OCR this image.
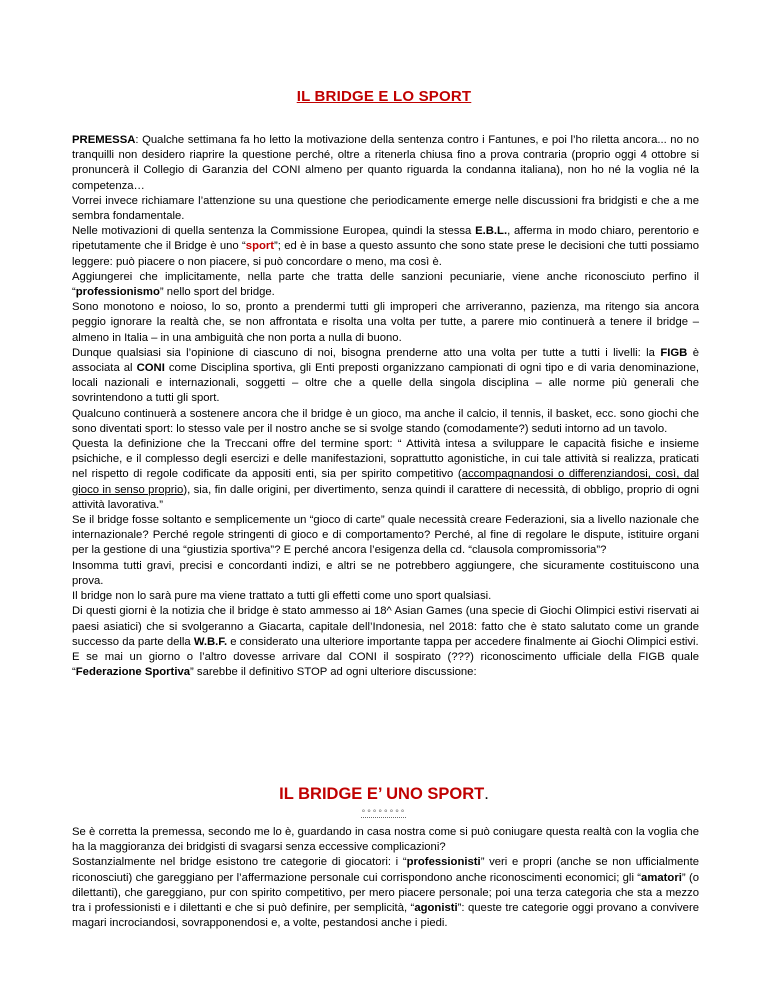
IL BRIDGE E LO SPORT

PREMESSA: Qualche settimana fa ho letto la motivazione della sentenza contro i Fantunes, e poi l’ho riletta ancora... no no tranquilli non desidero riaprire la questione perché, oltre a ritenerla chiusa fino a prova contraria (proprio oggi 4 ottobre si pronuncerà il Collegio di Garanzia del CONI almeno per quanto riguarda la condanna italiana), non ho né la voglia né la competenza…

Vorrei invece richiamare l’attenzione su una questione che periodicamente emerge nelle discussioni fra bridgisti e che a me sembra fondamentale.

Nelle motivazioni di quella sentenza la Commissione Europea, quindi la stessa E.B.L., afferma in modo chiaro, perentorio e ripetutamente che il Bridge è uno “sport”; ed è in base a questo assunto che sono state prese le decisioni che tutti possiamo leggere: può piacere o non piacere, si può concordare o meno, ma così è.

Aggiungerei che implicitamente, nella parte che tratta delle sanzioni pecuniarie, viene anche riconosciuto perfino il “professionismo” nello sport del bridge.

Sono monotono e noioso, lo so, pronto a prendermi tutti gli improperi che arriveranno, pazienza, ma ritengo sia ancora peggio ignorare la realtà che, se non affrontata e risolta una volta per tutte, a parere mio continuerà a tenere il bridge – almeno in Italia – in una ambiguità che non porta a nulla di buono.

Dunque qualsiasi sia l’opinione di ciascuno di noi, bisogna prenderne atto una volta per tutte a tutti i livelli: la FIGB è associata al CONI come Disciplina sportiva, gli Enti preposti organizzano campionati di ogni tipo e di varia denominazione, locali nazionali e internazionali, soggetti – oltre che a quelle della singola disciplina – alle norme più generali che sovrintendono a tutti gli sport.

Qualcuno continuerà a sostenere ancora che il bridge è un gioco, ma anche il calcio, il tennis, il basket, ecc. sono giochi che sono diventati sport: lo stesso vale per il nostro anche se si svolge stando (comodamente?) seduti intorno ad un tavolo.

Questa la definizione che la Treccani offre del termine sport: “ Attività intesa a sviluppare le capacità fisiche e insieme psichiche, e il complesso degli esercizi e delle manifestazioni, soprattutto agonistiche, in cui tale attività si realizza, praticati nel rispetto di regole codificate da appositi enti, sia per spirito competitivo (accompagnandosi o differenziandosi, così, dal gioco in senso proprio), sia, fin dalle origini, per divertimento, senza quindi il carattere di necessità, di obbligo, proprio di ogni attività lavorativa.”

Se il bridge fosse soltanto e semplicemente un “gioco di carte” quale necessità creare Federazioni, sia a livello nazionale che internazionale? Perché regole stringenti di gioco e di comportamento? Perché, al fine di regolare le dispute, istituire organi per la gestione di una “giustizia sportiva”? E perché ancora l’esigenza della cd. “clausola compromissoria”?

Insomma tutti gravi, precisi e concordanti indizi, e altri se ne potrebbero aggiungere, che sicuramente costituiscono una prova.

Il bridge non lo sarà pure ma viene trattato a tutti gli effetti come uno sport qualsiasi.

Di questi giorni è la notizia che il bridge è stato ammesso ai 18^ Asian Games (una specie di Giochi Olimpici estivi riservati ai paesi asiatici) che si svolgeranno a Giacarta, capitale dell’Indonesia, nel 2018: fatto che è stato salutato come un grande successo da parte della W.B.F. e considerato una ulteriore importante tappa per accedere finalmente ai Giochi Olimpici estivi.

E se mai un giorno o l’altro dovesse arrivare dal CONI il sospirato (???) riconoscimento ufficiale della FIGB quale “Federazione Sportiva” sarebbe il definitivo STOP ad ogni ulteriore discussione:

IL BRIDGE E’ UNO SPORT.
°°°°°°°°

Se è corretta la premessa, secondo me lo è, guardando in casa nostra come si può coniugare questa realtà con la voglia che ha la maggioranza dei bridgisti di svagarsi senza eccessive complicazioni?

Sostanzialmente nel bridge esistono tre categorie di giocatori: i “professionisti” veri e propri (anche se non ufficialmente riconosciuti) che gareggiano per l’affermazione personale cui corrispondono anche riconoscimenti economici; gli “amatori” (o dilettanti), che gareggiano, pur con spirito competitivo, per mero piacere personale; poi una terza categoria che sta a mezzo tra i professionisti e i dilettanti e che si può definire, per semplicità, “agonisti”: queste tre categorie oggi provano a convivere magari incrociandosi, sovrapponendosi e, a volte, pestandosi anche i piedi.
